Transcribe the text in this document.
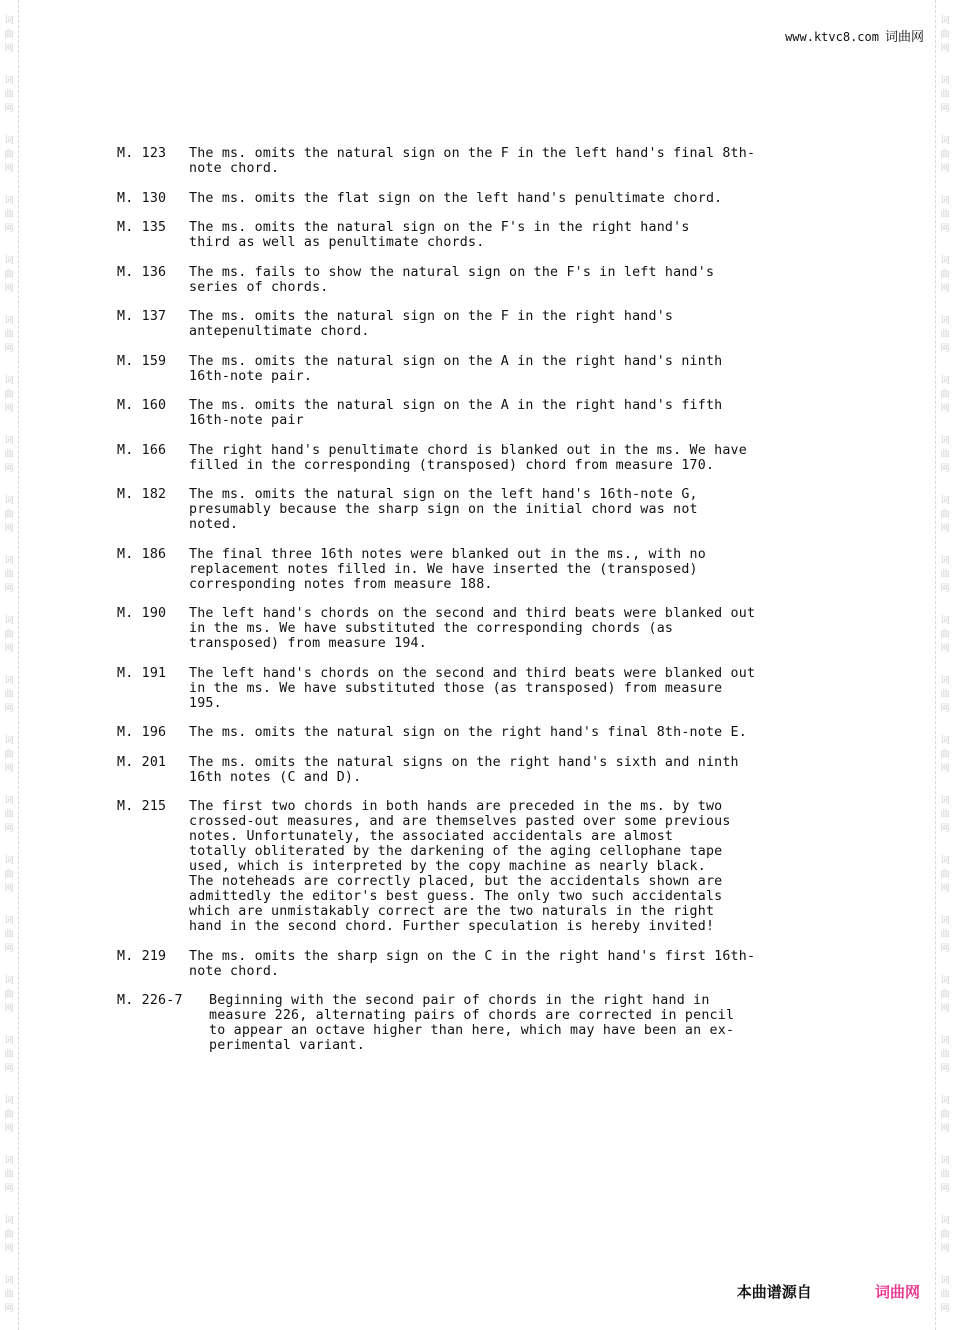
词
曲
网
词
曲
网
词
曲
网
词
曲
网
词
曲
网
词
曲
网
词
曲
网
词
曲
网
词
曲
网
词
曲
网
词
曲
网
词
曲
网
词
曲
网
词
曲
网
词
曲
网
词
曲
网
词
曲
网
词
曲
网
词
曲
网
词
曲
网
词
曲
网
词
曲
网
词
曲
网
词
曲
网
词
曲
网
词
曲
网
词
曲
网
词
曲
网
词
曲
网
词
曲
网
词
曲
网
词
曲
网
词
曲
网
词
曲
网
词
曲
网
词
曲
网
词
曲
网
词
曲
网
词
曲
网
词
曲
网
词
曲
网
词
曲
网
词
曲
网
词
曲
网
www.ktvc8.com 词曲网
M. 123	The ms. omits the natural sign on the F in the left hand's final 8th-
note chord.
M. 130	The ms. omits the flat sign on the left hand's penultimate chord.
M. 135	The ms. omits the natural sign on the F's in the right hand's
third as well as penultimate chords.
M. 136	The ms. fails to show the natural sign on the F's in left hand's
series of chords.
M. 137	The ms. omits the natural sign on the F in the right hand's
antepenultimate chord.
M. 159	The ms. omits the natural sign on the A in the right hand's ninth
16th-note pair.
M. 160	The ms. omits the natural sign on the A in the right hand's fifth
16th-note pair
M. 166	The right hand's penultimate chord is blanked out in the ms. We have
filled in the corresponding (transposed) chord from measure 170.
M. 182	The ms. omits the natural sign on the left hand's 16th-note G,
presumably because the sharp sign on the initial chord was not
noted.
M. 186	The final three 16th notes were blanked out in the ms., with no
replacement notes filled in. We have inserted the (transposed)
corresponding notes from measure 188.
M. 190	The left hand's chords on the second and third beats were blanked out
in the ms. We have substituted the corresponding chords (as
transposed) from measure 194.
M. 191	The left hand's chords on the second and third beats were blanked out
in the ms. We have substituted those (as transposed) from measure
195.
M. 196	The ms. omits the natural sign on the right hand's final 8th-note E.
M. 201	The ms. omits the natural signs on the right hand's sixth and ninth
16th notes (C and D).
M. 215	The first two chords in both hands are preceded in the ms. by two
crossed-out measures, and are themselves pasted over some previous
notes. Unfortunately, the associated accidentals are almost
totally obliterated by the darkening of the aging cellophane tape
used, which is interpreted by the copy machine as nearly black.
The noteheads are correctly placed, but the accidentals shown are
admittedly the editor's best guess. The only two such accidentals
which are unmistakably correct are the two naturals in the right
hand in the second chord. Further speculation is hereby invited!
M. 219	The ms. omits the sharp sign on the C in the right hand's first 16th-
note chord.
M. 226-7	Beginning with the second pair of chords in the right hand in
measure 226, alternating pairs of chords are corrected in pencil
to appear an octave higher than here, which may have been an ex-
perimental variant.
本曲谱源自	词曲网
